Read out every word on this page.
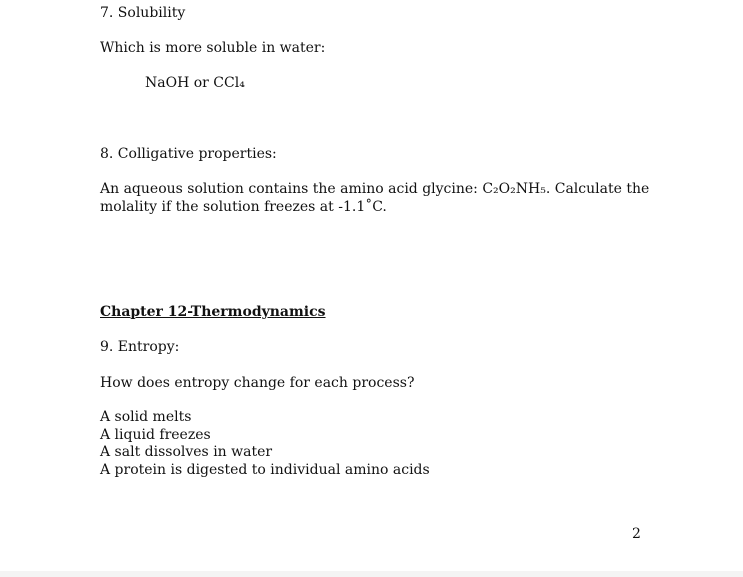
7. Solubility
Which is more soluble in water:
NaOH or CCl₄
8. Colligative properties:
An aqueous solution contains the amino acid glycine: C₂O₂NH₅. Calculate the
molality if the solution freezes at -1.1˚C.
Chapter 12-Thermodynamics
9. Entropy:
How does entropy change for each process?
A solid melts
A liquid freezes
A salt dissolves in water
A protein is digested to individual amino acids
2
